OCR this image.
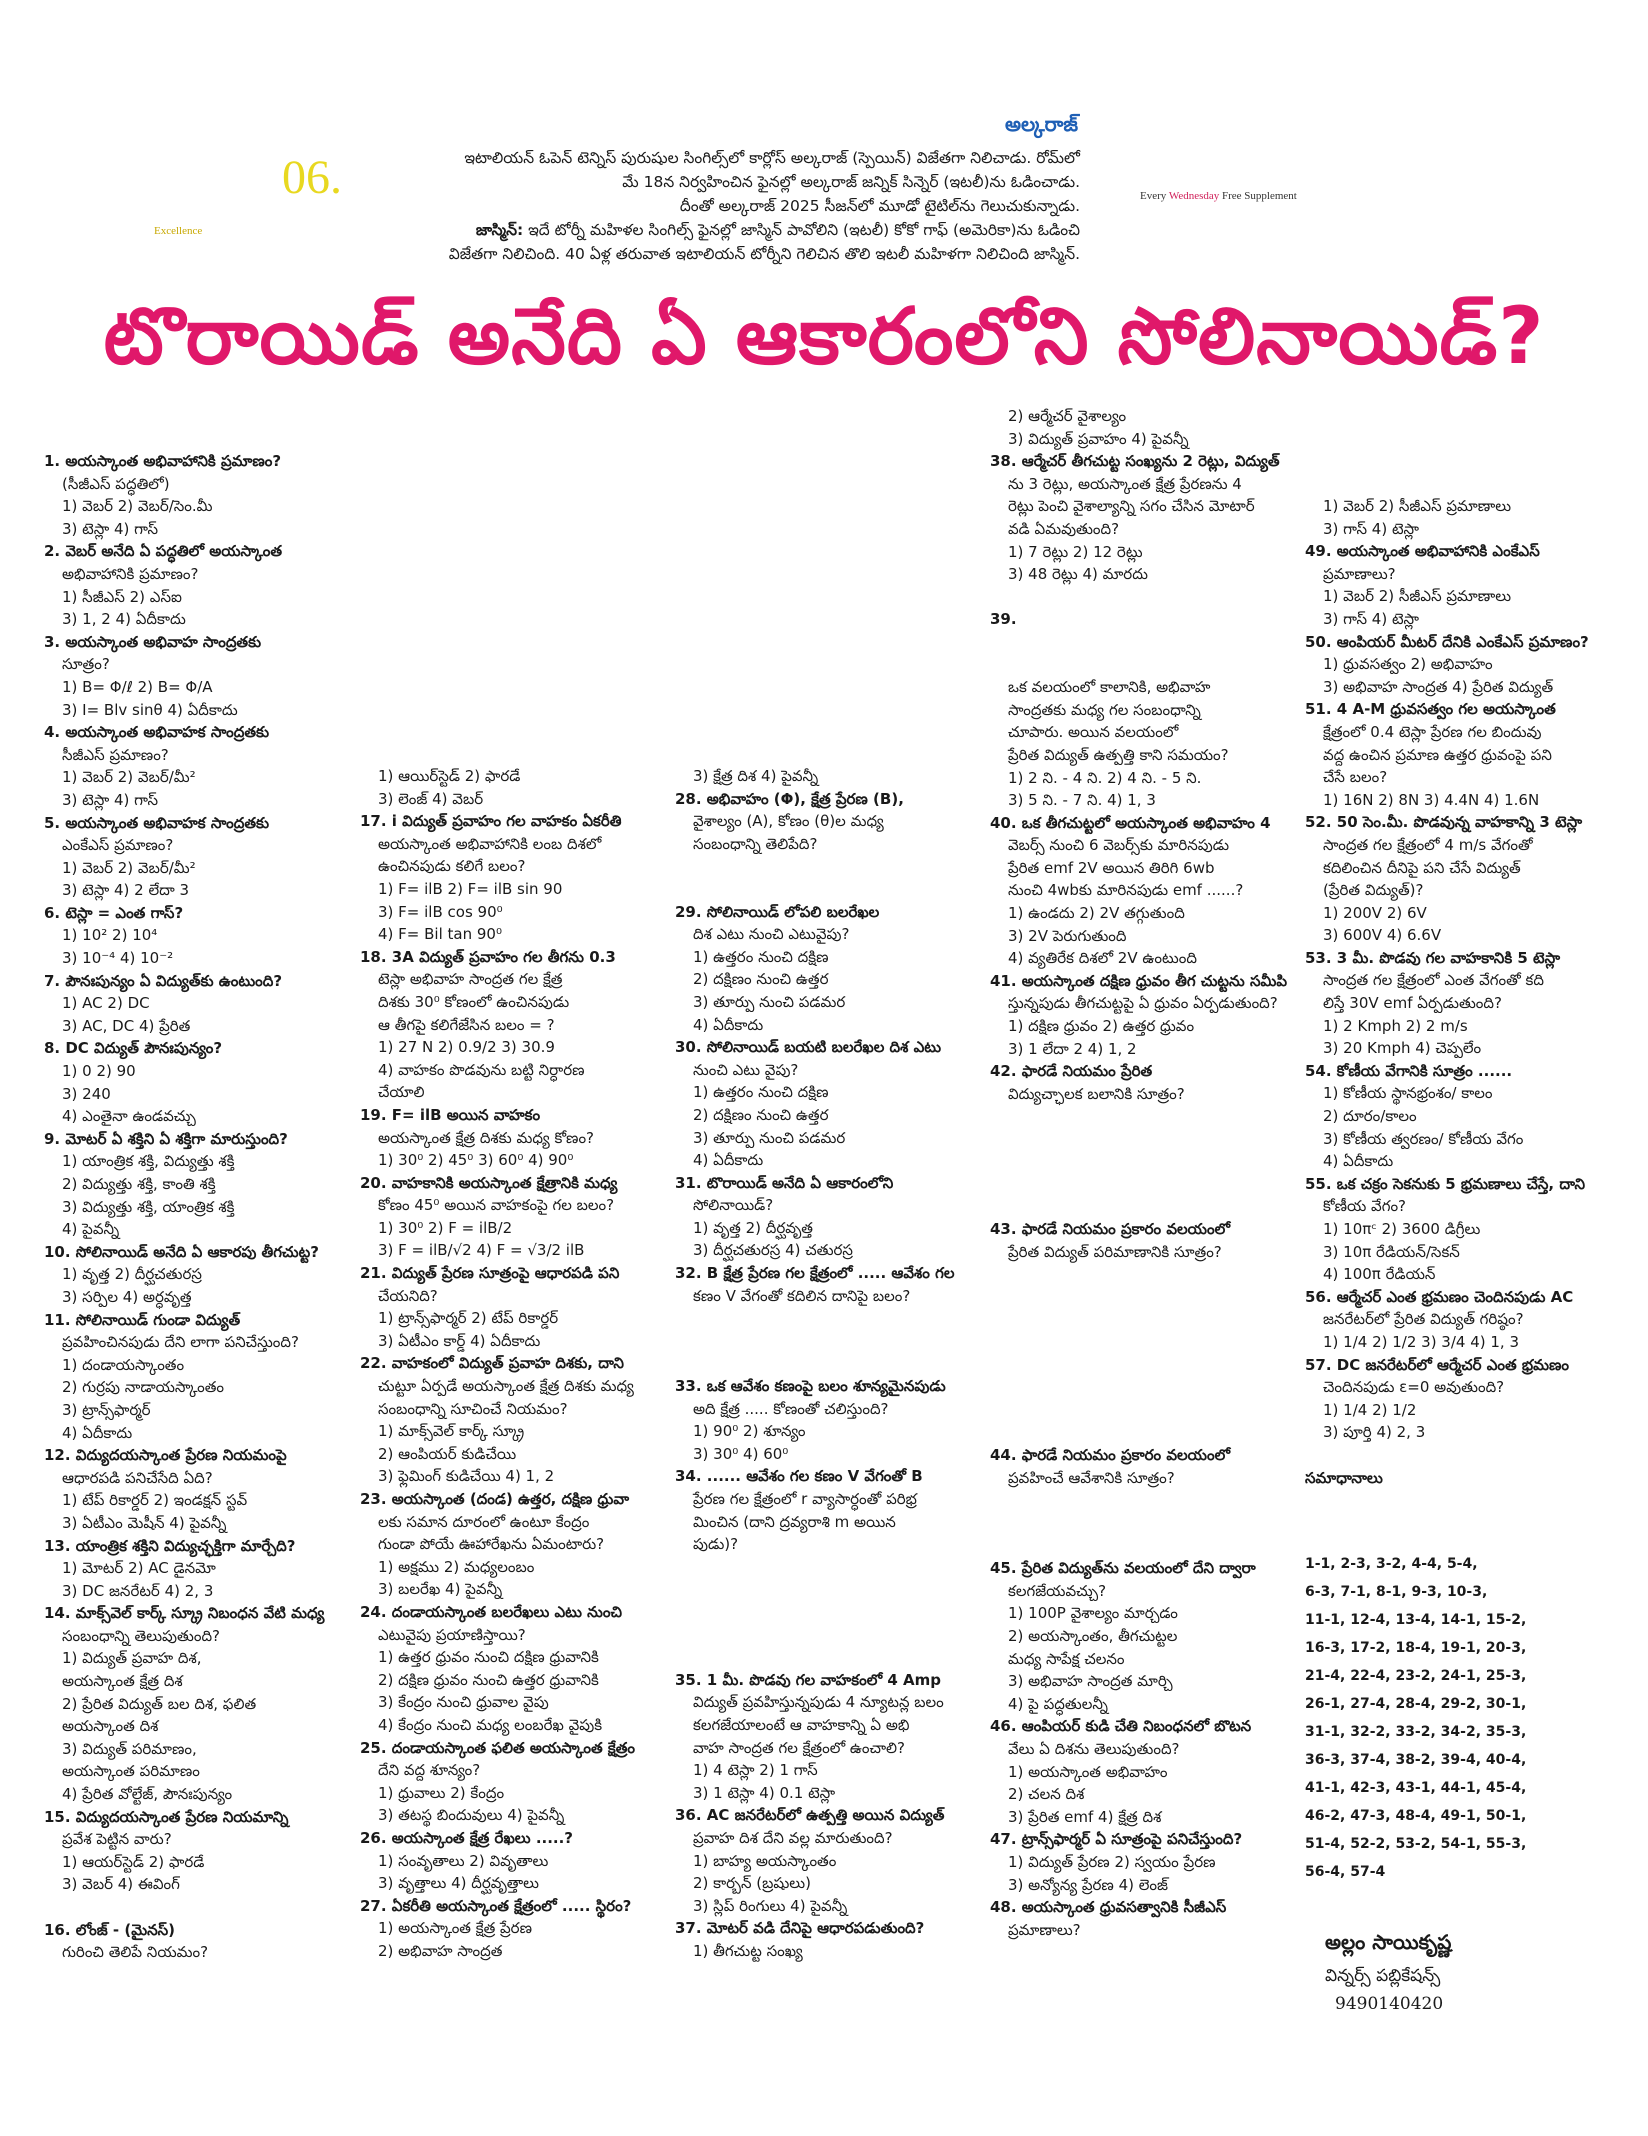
06.
Excellence
అల్కరాజ్
ఇటాలియన్ ఓపెన్ టెన్నిస్ పురుషుల సింగిల్స్‌లో కార్లోస్ అల్కరాజ్ (స్పెయిన్) విజేతగా నిలిచాడు. రోమ్‌లో
మే 18న నిర్వహించిన ఫైనల్లో అల్కరాజ్ జన్నిక్ సిన్నెర్ (ఇటలీ)ను ఓడించాడు.
దీంతో అల్కరాజ్ 2025 సీజన్‌లో మూడో టైటిల్‌ను గెలుచుకున్నాడు.
జాస్మిన్: ఇదే టోర్నీ మహిళల సింగిల్స్ ఫైనల్లో జాస్మిన్ పావోలిని (ఇటలీ) కోకో గాఫ్ (అమెరికా)ను ఓడించి
విజేతగా నిలిచింది. 40 ఏళ్ల తరువాత ఇటాలియన్ టోర్నీని గెలిచిన తొలి ఇటలీ మహిళగా నిలిచింది జాస్మిన్.
Every Wednesday Free Supplement
టొరాయిడ్ అనేది ఏ ఆకారంలోని సోలినాయిడ్?
1. అయస్కాంత అభివాహానికి ప్రమాణం?
(సీజీఎస్ పద్ధతిలో)
1) వెబర్ 2) వెబర్/సెం.మీ
3) టెస్లా 4) గాస్
2. వెబర్ అనేది ఏ పద్ధతిలో అయస్కాంత
అభివాహానికి ప్రమాణం?
1) సీజీఎస్ 2) ఎస్ఐ
3) 1, 2 4) ఏదీకాదు
3. అయస్కాంత అభివాహ సాంద్రతకు
సూత్రం?
1) B= Φ/ℓ 2) B= Φ/A
3) I= Blv sinθ 4) ఏదీకాదు
4. అయస్కాంత అభివాహక సాంద్రతకు
సీజీఎస్ ప్రమాణం?
1) వెబర్ 2) వెబర్/మీ²
3) టెస్లా 4) గాస్
5. అయస్కాంత అభివాహక సాంద్రతకు
ఎంకేఎస్ ప్రమాణం?
1) వెబర్ 2) వెబర్/మీ²
3) టెస్లా 4) 2 లేదా 3
6. టెస్లా = ఎంత గాస్?
1) 10² 2) 10⁴
3) 10⁻⁴ 4) 10⁻²
7. పౌనఃపున్యం ఏ విద్యుత్‌కు ఉంటుంది?
1) AC 2) DC
3) AC, DC 4) ప్రేరిత
8. DC విద్యుత్ పౌనఃపున్యం?
1) 0 2) 90
3) 240
4) ఎంతైనా ఉండవచ్చు
9. మోటర్ ఏ శక్తిని ఏ శక్తిగా మారుస్తుంది?
1) యాంత్రిక శక్తి, విద్యుత్తు శక్తి
2) విద్యుత్తు శక్తి, కాంతి శక్తి
3) విద్యుత్తు శక్తి, యాంత్రిక శక్తి
4) పైవన్నీ
10. సోలినాయిడ్ అనేది ఏ ఆకారపు తీగచుట్ట?
1) వృత్త 2) దీర్ఘచతురస్ర
3) సర్పిల 4) అర్ధవృత్త
11. సోలినాయిడ్ గుండా విద్యుత్
ప్రవహించినపుడు దేని లాగా పనిచేస్తుంది?
1) దండాయస్కాంతం
2) గుర్రపు నాడాయస్కాంతం
3) ట్రాన్స్‌ఫార్మర్
4) ఏదీకాదు
12. విద్యుదయస్కాంత ప్రేరణ నియమంపై
ఆధారపడి పనిచేసేది ఏది?
1) టేప్ రికార్డర్ 2) ఇండక్షన్ స్టవ్
3) ఏటీఎం మెషీన్ 4) పైవన్నీ
13. యాంత్రిక శక్తిని విద్యుచ్ఛక్తిగా మార్చేది?
1) మోటర్ 2) AC డైనమో
3) DC జనరేటర్ 4) 2, 3
14. మాక్స్‌వెల్ కార్క్ స్క్రూ నిబంధన వేటి మధ్య
సంబంధాన్ని తెలుపుతుంది?
1) విద్యుత్ ప్రవాహ దిశ,
అయస్కాంత క్షేత్ర దిశ
2) ప్రేరిత విద్యుత్ బల దిశ, ఫలిత
అయస్కాంత దిశ
3) విద్యుత్ పరిమాణం,
అయస్కాంత పరిమాణం
4) ప్రేరిత వోల్టేజ్, పౌనఃపున్యం
15. విద్యుదయస్కాంత ప్రేరణ నియమాన్ని
ప్రవేశ పెట్టిన వారు?
1) ఆయర్‌స్టెడ్ 2) ఫారడే
3) వెబర్ 4) ఈవింగ్
16. లోంజ్ - (మైనస్)
గురించి తెలిపే నియమం?
1) ఆయిర్‌స్టెడ్ 2) ఫారడే
3) లెంజ్ 4) వెబర్
17. i విద్యుత్ ప్రవాహం గల వాహకం ఏకరీతి
అయస్కాంత అభివాహానికి లంబ దిశలో
ఉంచినపుడు కలిగే బలం?
1) F= ilB 2) F= ilB sin 90
3) F= ilB cos 90⁰
4) F= Bil tan 90⁰
18. 3A విద్యుత్ ప్రవాహం గల తీగను 0.3
టెస్లా అభివాహ సాంద్రత గల క్షేత్ర
దిశకు 30⁰ కోణంలో ఉంచినపుడు
ఆ తీగపై కలిగేజేసిన బలం = ?
1) 27 N 2) 0.9/2 3) 30.9
4) వాహకం పొడవును బట్టి నిర్ధారణ
చేయాలి
19. F= ilB అయిన వాహకం
అయస్కాంత క్షేత్ర దిశకు మధ్య కోణం?
1) 30⁰ 2) 45⁰ 3) 60⁰ 4) 90⁰
20. వాహకానికి అయస్కాంత క్షేత్రానికి మధ్య
కోణం 45⁰ అయిన వాహకంపై గల బలం?
1) 30⁰ 2) F = ilB/2
3) F = ilB/√2 4) F = √3/2 ilB
21. విద్యుత్ ప్రేరణ సూత్రంపై ఆధారపడి పని
చేయనిది?
1) ట్రాన్స్‌ఫార్మర్ 2) టేప్ రికార్డర్
3) ఏటీఎం కార్డ్ 4) ఏదీకాదు
22. వాహకంలో విద్యుత్ ప్రవాహ దిశకు, దాని
చుట్టూ ఏర్పడే అయస్కాంత క్షేత్ర దిశకు మధ్య
సంబంధాన్ని సూచించే నియమం?
1) మాక్స్‌వెల్ కార్క్ స్క్రూ
2) ఆంపియర్ కుడిచేయి
3) ఫ్లెమింగ్ కుడిచేయి 4) 1, 2
23. అయస్కాంత (దండ) ఉత్తర, దక్షిణ ధ్రువా
లకు సమాన దూరంలో ఉంటూ కేంద్రం
గుండా పోయే ఊహారేఖను ఏమంటారు?
1) అక్షము 2) మధ్యలంబం
3) బలరేఖ 4) పైవన్నీ
24. దండాయస్కాంత బలరేఖలు ఎటు నుంచి
ఎటువైపు ప్రయాణిస్తాయి?
1) ఉత్తర ధ్రువం నుంచి దక్షిణ ధ్రువానికి
2) దక్షిణ ధ్రువం నుంచి ఉత్తర ధ్రువానికి
3) కేంద్రం నుంచి ధ్రువాల వైపు
4) కేంద్రం నుంచి మధ్య లంబరేఖ వైపుకి
25. దండాయస్కాంత ఫలిత అయస్కాంత క్షేత్రం
దేని వద్ద శూన్యం?
1) ధ్రువాలు 2) కేంద్రం
3) తటస్థ బిందువులు 4) పైవన్నీ
26. అయస్కాంత క్షేత్ర రేఖలు .....?
1) సంవృతాలు 2) వివృతాలు
3) వృత్తాలు 4) దీర్ఘవృత్తాలు
27. ఏకరీతి అయస్కాంత క్షేత్రంలో ..... స్థిరం?
1) అయస్కాంత క్షేత్ర ప్రేరణ
2) అభివాహ సాంద్రత
3) క్షేత్ర దిశ 4) పైవన్నీ
28. అభివాహం (Φ), క్షేత్ర ప్రేరణ (B),
వైశాల్యం (A), కోణం (θ)ల మధ్య
సంబంధాన్ని తెలిపేది?
29. సోలినాయిడ్ లోపలి బలరేఖల
దిశ ఎటు నుంచి ఎటువైపు?
1) ఉత్తరం నుంచి దక్షిణ
2) దక్షిణం నుంచి ఉత్తర
3) తూర్పు నుంచి పడమర
4) ఏదీకాదు
30. సోలినాయిడ్ బయటి బలరేఖల దిశ ఎటు
నుంచి ఎటు వైపు?
1) ఉత్తరం నుంచి దక్షిణ
2) దక్షిణం నుంచి ఉత్తర
3) తూర్పు నుంచి పడమర
4) ఏదీకాదు
31. టొరాయిడ్ అనేది ఏ ఆకారంలోని
సోలినాయిడ్?
1) వృత్త 2) దీర్ఘవృత్త
3) దీర్ఘచతురస్ర 4) చతురస్ర
32. B క్షేత్ర ప్రేరణ గల క్షేత్రంలో ..... ఆవేశం గల
కణం V వేగంతో కదిలిన దానిపై బలం?
33. ఒక ఆవేశం కణంపై బలం శూన్యమైనపుడు
అది క్షేత్ర ..... కోణంతో చలిస్తుంది?
1) 90⁰ 2) శూన్యం
3) 30⁰ 4) 60⁰
34. ...... ఆవేశం గల కణం V వేగంతో B
ప్రేరణ గల క్షేత్రంలో r వ్యాసార్ధంతో పరిభ్ర
మించిన (దాని ద్రవ్యరాశి m అయిన
పుడు)?
35. 1 మీ. పొడవు గల వాహకంలో 4 Amp
విద్యుత్ ప్రవహిస్తున్నపుడు 4 న్యూటన్ల బలం
కలగజేయాలంటే ఆ వాహకాన్ని ఏ అభి
వాహ సాంద్రత గల క్షేత్రంలో ఉంచాలి?
1) 4 టెస్లా 2) 1 గాస్
3) 1 టెస్లా 4) 0.1 టెస్లా
36. AC జనరేటర్‌లో ఉత్పత్తి అయిన విద్యుత్
ప్రవాహ దిశ దేని వల్ల మారుతుంది?
1) బాహ్య అయస్కాంతం
2) కార్బన్ (బ్రషులు)
3) స్లిప్ రింగులు 4) పైవన్నీ
37. మోటర్ వడి దేనిపై ఆధారపడుతుంది?
1) తీగచుట్ట సంఖ్య
2) ఆర్మేచర్ వైశాల్యం
3) విద్యుత్ ప్రవాహం 4) పైవన్నీ
38. ఆర్మేచర్ తీగచుట్ట సంఖ్యను 2 రెట్లు, విద్యుత్
ను 3 రెట్లు, అయస్కాంత క్షేత్ర ప్రేరణను 4
రెట్లు పెంచి వైశాల్యాన్ని సగం చేసిన మోటార్
వడి ఏమవుతుంది?
1) 7 రెట్లు 2) 12 రెట్లు
3) 48 రెట్లు 4) మారదు
39.
ఒక వలయంలో కాలానికి, అభివాహ
సాంద్రతకు మధ్య గల సంబంధాన్ని
చూపారు. అయిన వలయంలో
ప్రేరిత విద్యుత్ ఉత్పత్తి కాని సమయం?
1) 2 ని. - 4 ని. 2) 4 ని. - 5 ని.
3) 5 ని. - 7 ని. 4) 1, 3
40. ఒక తీగచుట్టలో అయస్కాంత అభివాహం 4
వెబర్స్ నుంచి 6 వెబర్స్‌కు మారినపుడు
ప్రేరిత emf 2V అయిన తిరిగి 6wb
నుంచి 4wbకు మారినపుడు emf ......?
1) ఉండదు 2) 2V తగ్గుతుంది
3) 2V పెరుగుతుంది
4) వ్యతిరేక దిశలో 2V ఉంటుంది
41. అయస్కాంత దక్షిణ ధ్రువం తీగ చుట్టను సమీపి
స్తున్నపుడు తీగచుట్టపై ఏ ధ్రువం ఏర్పడుతుంది?
1) దక్షిణ ధ్రువం 2) ఉత్తర ధ్రువం
3) 1 లేదా 2 4) 1, 2
42. ఫారడే నియమం ప్రేరిత
విద్యుచ్ఛాలక బలానికి సూత్రం?
43. ఫారడే నియమం ప్రకారం వలయంలో
ప్రేరిత విద్యుత్ పరిమాణానికి సూత్రం?
44. ఫారడే నియమం ప్రకారం వలయంలో
ప్రవహించే ఆవేశానికి సూత్రం?
45. ప్రేరిత విద్యుత్‌ను వలయంలో దేని ద్వారా
కలగజేయవచ్చు?
1) 100P వైశాల్యం మార్చడం
2) అయస్కాంతం, తీగచుట్టల
మధ్య సాపేక్ష చలనం
3) అభివాహ సాంద్రత మార్చి
4) పై పద్ధతులన్నీ
46. ఆంపియర్ కుడి చేతి నిబంధనలో బొటన
వేలు ఏ దిశను తెలుపుతుంది?
1) అయస్కాంత అభివాహం
2) చలన దిశ
3) ప్రేరిత emf 4) క్షేత్ర దిశ
47. ట్రాన్స్‌ఫార్మర్ ఏ సూత్రంపై పనిచేస్తుంది?
1) విద్యుత్ ప్రేరణ 2) స్వయం ప్రేరణ
3) అన్యోన్య ప్రేరణ 4) లెంజ్
48. అయస్కాంత ధ్రువసత్వానికి సీజీఎస్
ప్రమాణాలు?
1) వెబర్ 2) సీజీఎస్ ప్రమాణాలు
3) గాస్ 4) టెస్లా
49. అయస్కాంత అభివాహానికి ఎంకేఎస్
ప్రమాణాలు?
1) వెబర్ 2) సీజీఎస్ ప్రమాణాలు
3) గాస్ 4) టెస్లా
50. ఆంపియర్ మీటర్ దేనికి ఎంకేఎస్ ప్రమాణం?
1) ధ్రువసత్వం 2) అభివాహం
3) అభివాహ సాంద్రత 4) ప్రేరిత విద్యుత్
51. 4 A-M ధ్రువసత్వం గల అయస్కాంత
క్షేత్రంలో 0.4 టెస్లా ప్రేరణ గల బిందువు
వద్ద ఉంచిన ప్రమాణ ఉత్తర ధ్రువంపై పని
చేసే బలం?
1) 16N 2) 8N 3) 4.4N 4) 1.6N
52. 50 సెం.మీ. పొడవున్న వాహకాన్ని 3 టెస్లా
సాంద్రత గల క్షేత్రంలో 4 m/s వేగంతో
కదిలించిన దీనిపై పని చేసే విద్యుత్
(ప్రేరిత విద్యుత్)?
1) 200V 2) 6V
3) 600V 4) 6.6V
53. 3 మీ. పొడవు గల వాహకానికి 5 టెస్లా
సాంద్రత గల క్షేత్రంలో ఎంత వేగంతో కది
లిస్తే 30V emf ఏర్పడుతుంది?
1) 2 Kmph 2) 2 m/s
3) 20 Kmph 4) చెప్పలేం
54. కోణీయ వేగానికి సూత్రం ......
1) కోణీయ స్థానభ్రంశం/ కాలం
2) దూరం/కాలం
3) కోణీయ త్వరణం/ కోణీయ వేగం
4) ఏదీకాదు
55. ఒక చక్రం సెకనుకు 5 భ్రమణాలు చేస్తే, దాని
కోణీయ వేగం?
1) 10πᶜ 2) 3600 డిగ్రీలు
3) 10π రేడియన్/సెకన్
4) 100π రేడియన్
56. ఆర్మేచర్ ఎంత భ్రమణం చెందినపుడు AC
జనరేటర్‌లో ప్రేరిత విద్యుత్ గరిష్ఠం?
1) 1/4 2) 1/2 3) 3/4 4) 1, 3
57. DC జనరేటర్‌లో ఆర్మేచర్ ఎంత భ్రమణం
చెందినపుడు ε=0 అవుతుంది?
1) 1/4 2) 1/2
3) పూర్తి 4) 2, 3
సమాధానాలు
1-1, 2-3, 3-2, 4-4, 5-4,
6-3, 7-1, 8-1, 9-3, 10-3,
11-1, 12-4, 13-4, 14-1, 15-2,
16-3, 17-2, 18-4, 19-1, 20-3,
21-4, 22-4, 23-2, 24-1, 25-3,
26-1, 27-4, 28-4, 29-2, 30-1,
31-1, 32-2, 33-2, 34-2, 35-3,
36-3, 37-4, 38-2, 39-4, 40-4,
41-1, 42-3, 43-1, 44-1, 45-4,
46-2, 47-3, 48-4, 49-1, 50-1,
51-4, 52-2, 53-2, 54-1, 55-3,
56-4, 57-4
అల్లం సాయికృష్ణ
విన్నర్స్ పబ్లికేషన్స్
9490140420
